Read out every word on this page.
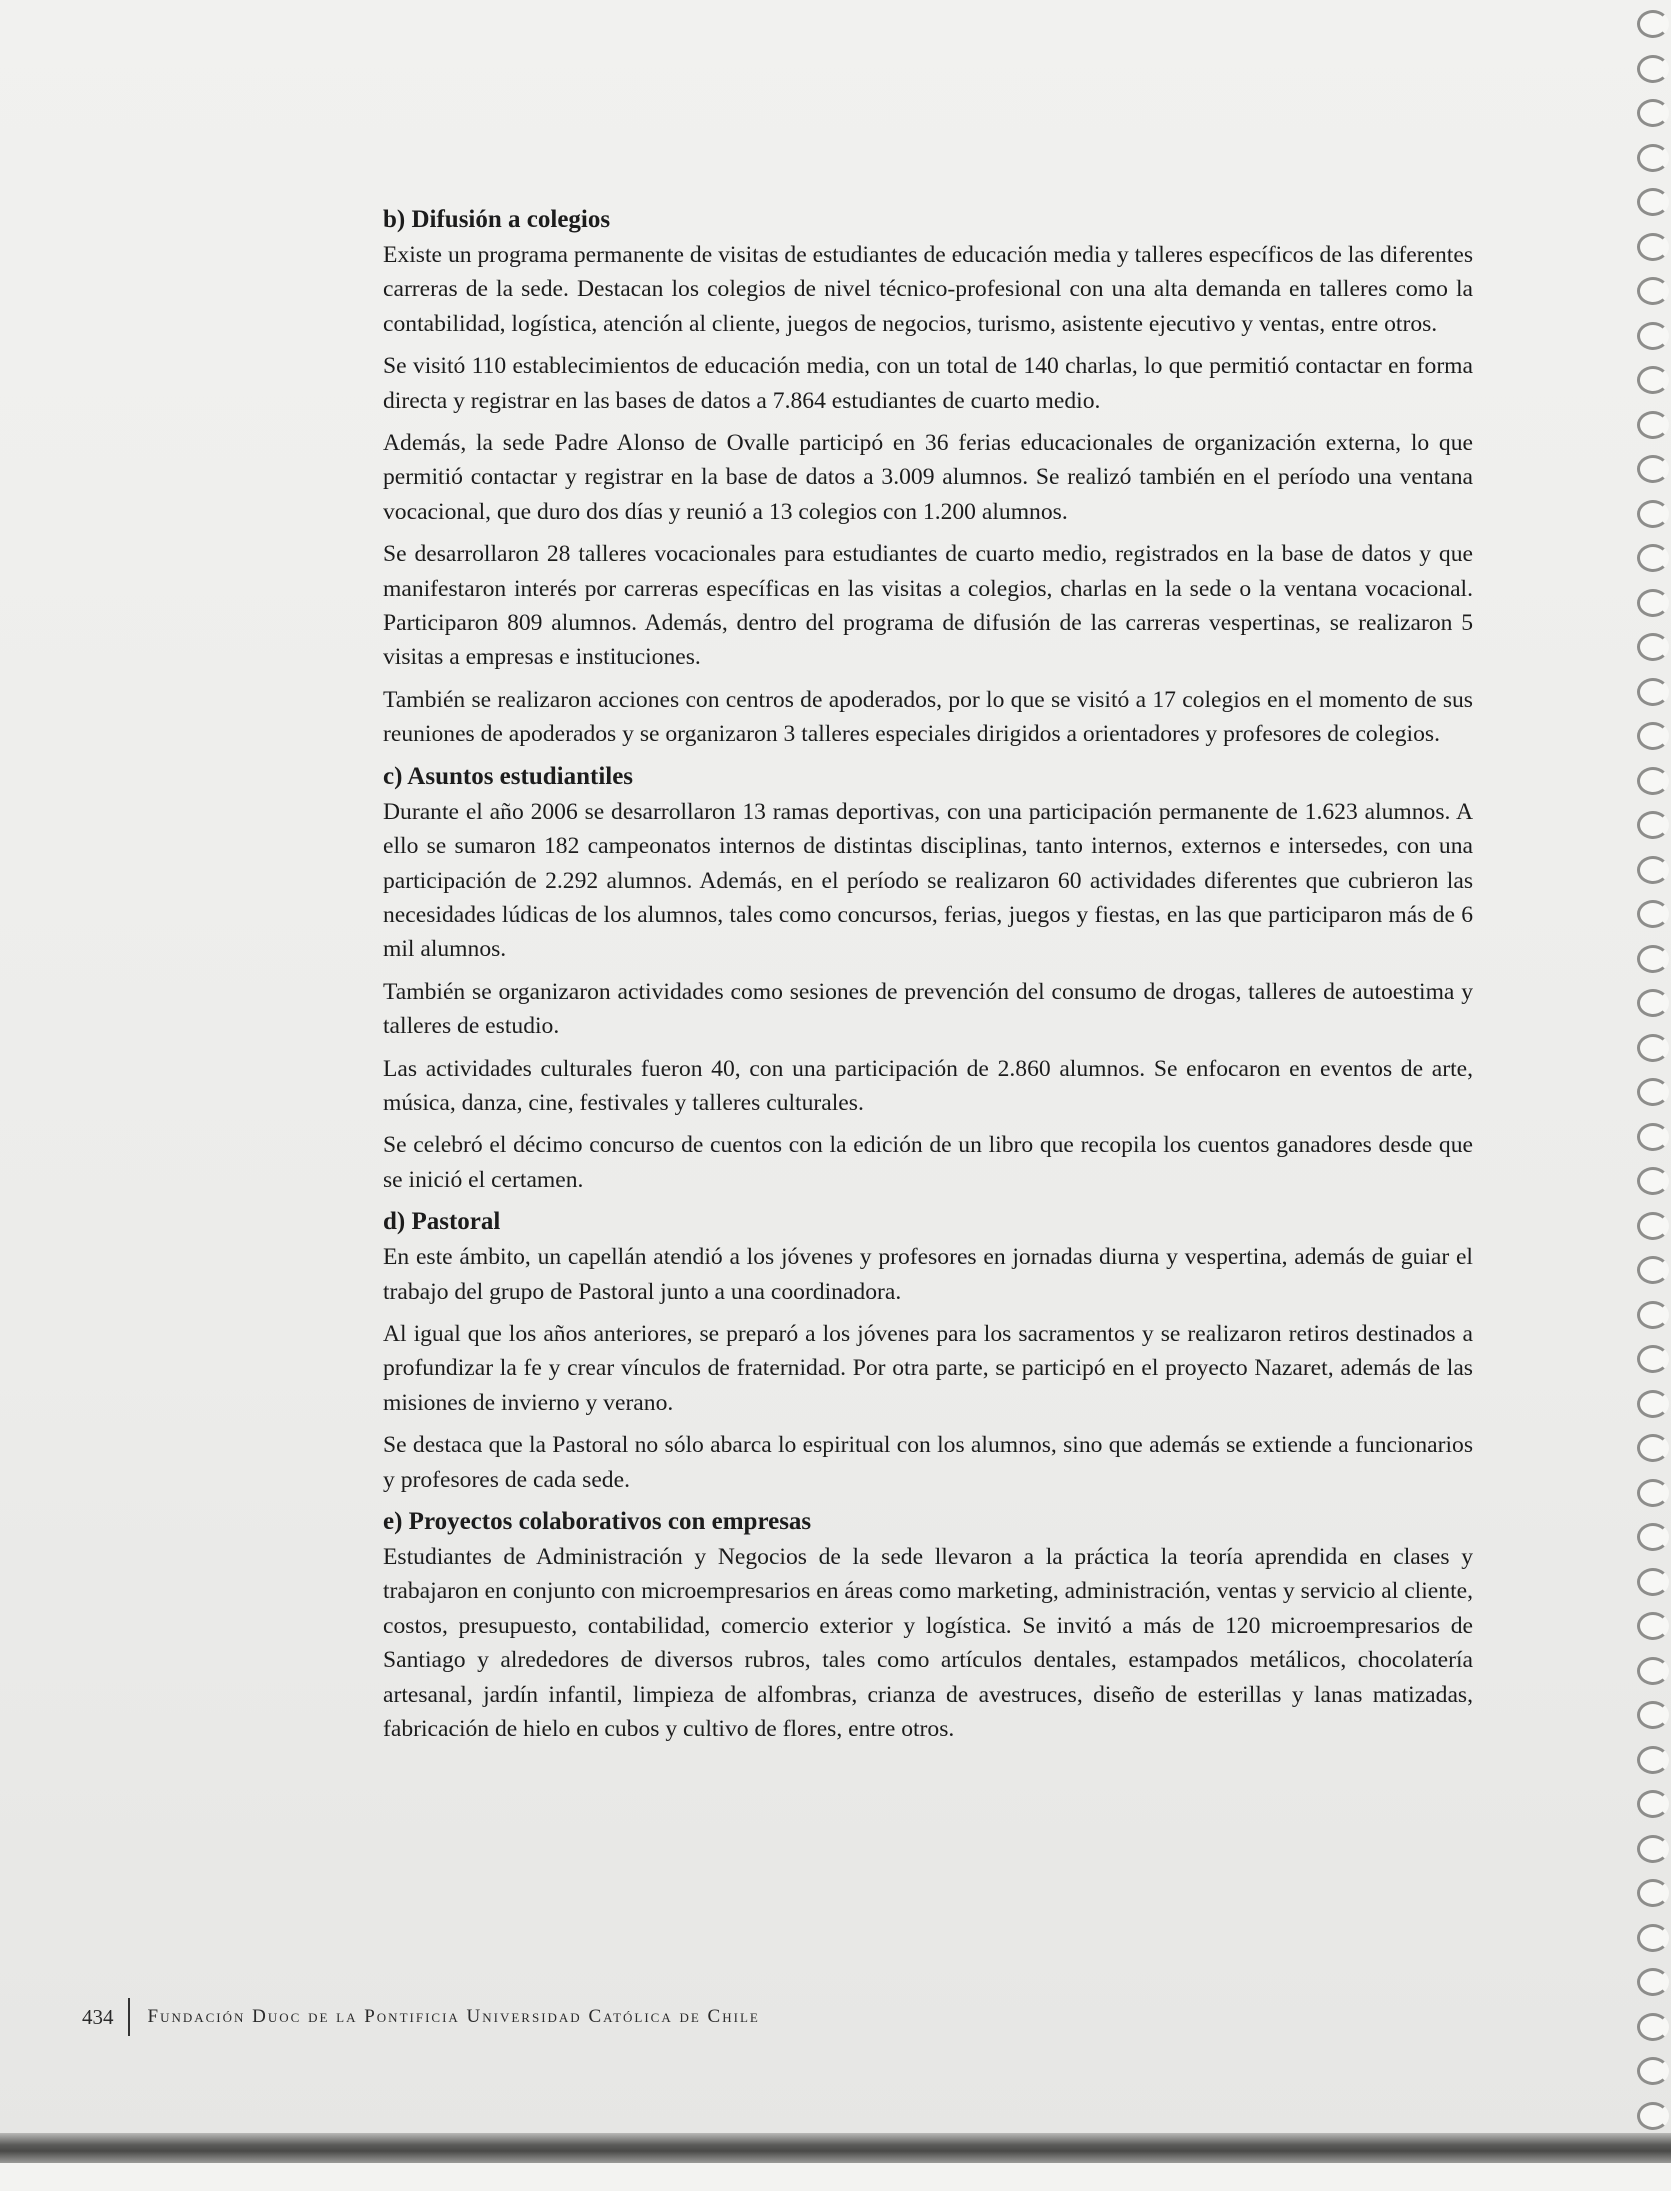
b) Difusión a colegios

Existe un programa permanente de visitas de estudiantes de educación media y talleres específicos de las diferentes carreras de la sede. Destacan los colegios de nivel técnico-profesional con una alta demanda en talleres como la contabilidad, logística, atención al cliente, juegos de negocios, turismo, asistente ejecutivo y ventas, entre otros.

Se visitó 110 establecimientos de educación media, con un total de 140 charlas, lo que permitió contactar en forma directa y registrar en las bases de datos a 7.864 estudiantes de cuarto medio.

Además, la sede Padre Alonso de Ovalle participó en 36 ferias educacionales de organización externa, lo que permitió contactar y registrar en la base de datos a 3.009 alumnos. Se realizó también en el período una ventana vocacional, que duro dos días y reunió a 13 colegios con 1.200 alumnos.

Se desarrollaron 28 talleres vocacionales para estudiantes de cuarto medio, registrados en la base de datos y que manifestaron interés por carreras específicas en las visitas a colegios, charlas en la sede o la ventana vocacional. Participaron 809 alumnos. Además, dentro del programa de difusión de las carreras vespertinas, se realizaron 5 visitas a empresas e instituciones.

También se realizaron acciones con centros de apoderados, por lo que se visitó a 17 colegios en el momento de sus reuniones de apoderados y se organizaron 3 talleres especiales dirigidos a orientadores y profesores de colegios.

c) Asuntos estudiantiles

Durante el año 2006 se desarrollaron 13 ramas deportivas, con una participación permanente de 1.623 alumnos. A ello se sumaron 182 campeonatos internos de distintas disciplinas, tanto internos, externos e intersedes, con una participación de 2.292 alumnos. Además, en el período se realizaron 60 actividades diferentes que cubrieron las necesidades lúdicas de los alumnos, tales como concursos, ferias, juegos y fiestas, en las que participaron más de 6 mil alumnos.

También se organizaron actividades como sesiones de prevención del consumo de drogas, talleres de autoestima y talleres de estudio.

Las actividades culturales fueron 40, con una participación de 2.860 alumnos. Se enfocaron en eventos de arte, música, danza, cine, festivales y talleres culturales.

Se celebró el décimo concurso de cuentos con la edición de un libro que recopila los cuentos ganadores desde que se inició el certamen.

d) Pastoral

En este ámbito, un capellán atendió a los jóvenes y profesores en jornadas diurna y vespertina, además de guiar el trabajo del grupo de Pastoral junto a una coordinadora.

Al igual que los años anteriores, se preparó a los jóvenes para los sacramentos y se realizaron retiros destinados a profundizar la fe y crear vínculos de fraternidad. Por otra parte, se participó en el proyecto Nazaret, además de las misiones de invierno y verano.

Se destaca que la Pastoral no sólo abarca lo espiritual con los alumnos, sino que además se extiende a funcionarios y profesores de cada sede.

e) Proyectos colaborativos con empresas

Estudiantes de Administración y Negocios de la sede llevaron a la práctica la teoría aprendida en clases y trabajaron en conjunto con microempresarios en áreas como marketing, administración, ventas y servicio al cliente, costos, presupuesto, contabilidad, comercio exterior y logística. Se invitó a más de 120 microempresarios de Santiago y alrededores de diversos rubros, tales como artículos dentales, estampados metálicos, chocolatería artesanal, jardín infantil, limpieza de alfombras, crianza de avestruces, diseño de esterillas y lanas matizadas, fabricación de hielo en cubos y cultivo de flores, entre otros.

434	Fundación Duoc de la Pontificia Universidad Católica de Chile
